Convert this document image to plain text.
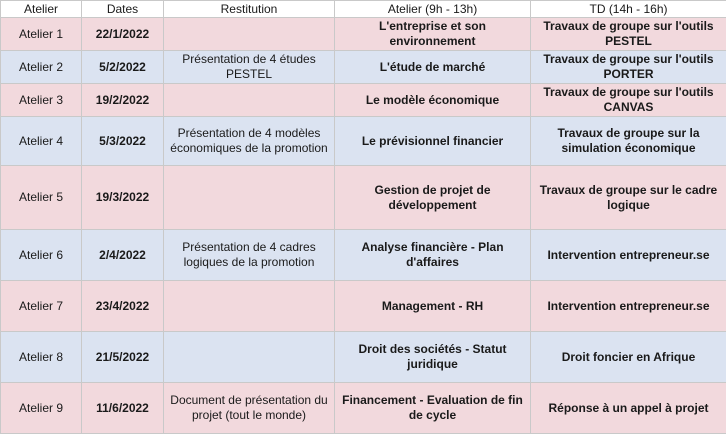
Atelier	Dates	Restitution	Atelier (9h - 13h)	TD (14h - 16h)
Atelier 1	22/1/2022		L'entreprise et son environnement	Travaux de groupe sur l'outils PESTEL
Atelier 2	5/2/2022	Présentation de 4 études PESTEL	L'étude de marché	Travaux de groupe sur l'outils PORTER
Atelier 3	19/2/2022		Le modèle économique	Travaux de groupe sur l'outils CANVAS
Atelier 4	5/3/2022	Présentation de 4 modèles économiques de la promotion	Le prévisionnel financier	Travaux de groupe sur la simulation économique
Atelier 5	19/3/2022		Gestion de projet de développement	Travaux de groupe sur le cadre logique
Atelier 6	2/4/2022	Présentation de 4 cadres logiques de la promotion	Analyse financière - Plan d'affaires	Intervention entrepreneur.se
Atelier 7	23/4/2022		Management - RH	Intervention entrepreneur.se
Atelier 8	21/5/2022		Droit des sociétés - Statut juridique	Droit foncier en Afrique
Atelier 9	11/6/2022	Document de présentation du projet (tout le monde)	Financement - Evaluation de fin de cycle	Réponse à un appel à projet
